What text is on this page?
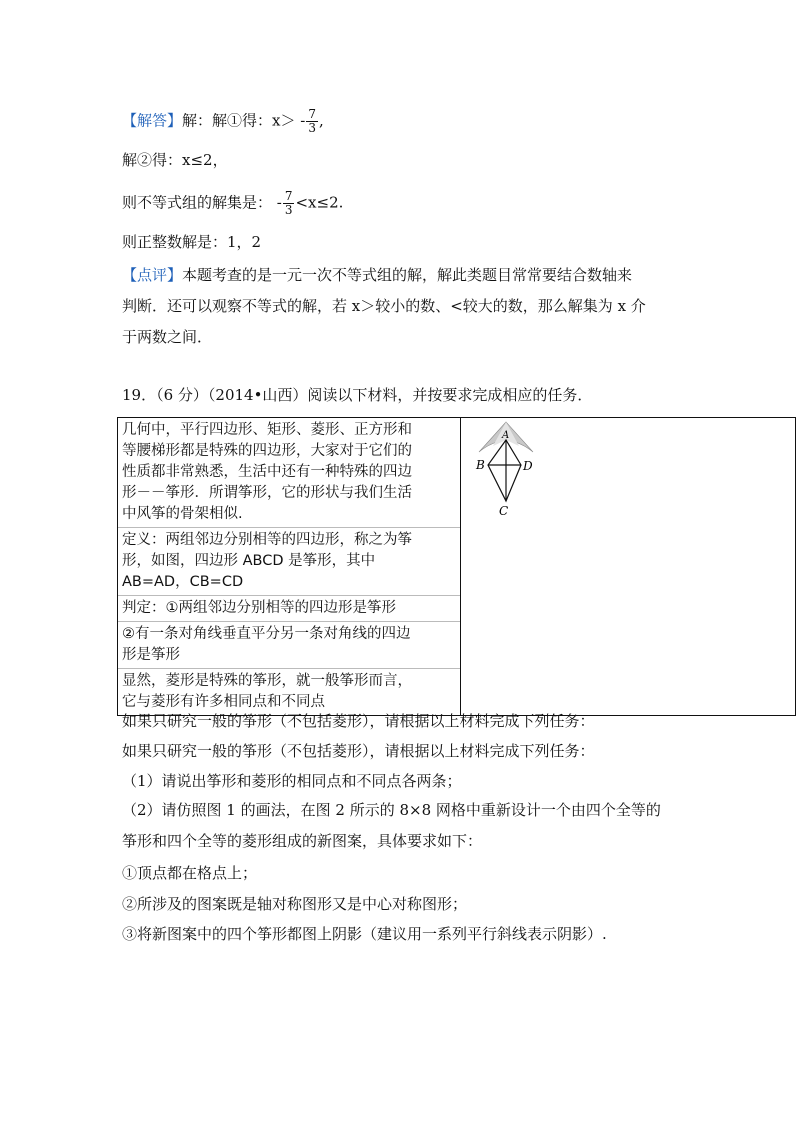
【解答】解：解①得：$x> - \frac{7}{3}$ ,
解②得：x≤2，
则不等式组的解集是： - $\frac{7}{3} <x\le 2$.
则正整数解是：1，2
【点评】本题考查的是一元一次不等式组的解，解此类题目常常要结合数轴来
判断．还可以观察不等式的解，若 x＞较小的数、<较大的数，那么解集为 x 介
于两数之间．
19．（6 分）（2014•山西）阅读以下材料，并按要求完成相应的任务．
几何中，平行四边形、矩形、菱形、正方形和
等腰梯形都是特殊的四边形，大家对于它们的
性质都非常熟悉，生活中还有一种特殊的四边
形－－筝形．所谓筝形，它的形状与我们生活
中风筝的骨架相似.
定义：两组邻边分别相等的四边形，称之为筝
形，如图，四边形 ABCD 是筝形，其中
AB=AD，CB=CD
判定：①两组邻边分别相等的四边形是筝形
②有一条对角线垂直平分另一条对角线的四边
形是筝形
显然，菱形是特殊的筝形，就一般筝形而言，
它与菱形有许多相同点和不同点

A
B	D
C
如果只研究一般的筝形（不包括菱形），请根据以上材料完成下列任务：
如果只研究一般的筝形（不包括菱形），请根据以上材料完成下列任务：
（1）请说出筝形和菱形的相同点和不同点各两条；
（2）请仿照图 1 的画法，在图 2 所示的 8×8 网格中重新设计一个由四个全等的
筝形和四个全等的菱形组成的新图案，具体要求如下：
①顶点都在格点上；
②所涉及的图案既是轴对称图形又是中心对称图形；
③将新图案中的四个筝形都图上阴影（建议用一系列平行斜线表示阴影）.
